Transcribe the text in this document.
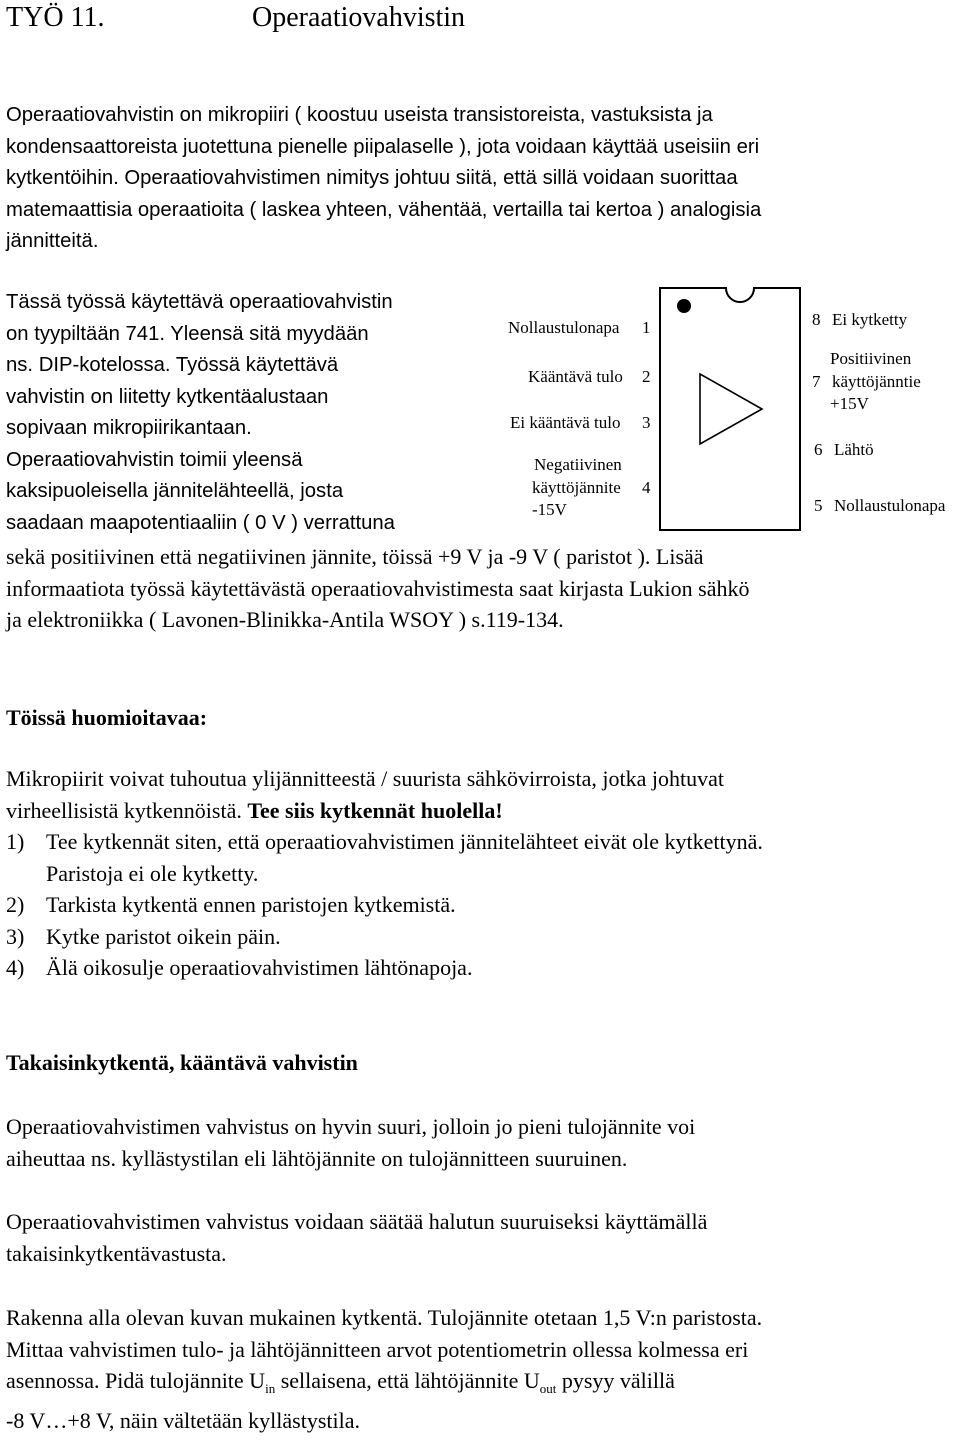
TYÖ 11.	Operaatiovahvistin
Operaatiovahvistin on mikropiiri ( koostuu useista transistoreista, vastuksista ja
kondensaattoreista juotettuna pienelle piipalaselle ), jota voidaan käyttää useisiin eri
kytkentöihin. Operaatiovahvistimen nimitys johtuu siitä, että sillä voidaan suorittaa
matemaattisia operaatioita ( laskea yhteen, vähentää, vertailla tai kertoa ) analogisia
jännitteitä.
Tässä työssä käytettävä operaatiovahvistin
on tyypiltään 741. Yleensä sitä myydään
ns. DIP-kotelossa. Työssä käytettävä
vahvistin on liitetty kytkentäalustaan
sopivaan mikropiirikantaan.
Operaatiovahvistin toimii yleensä
kaksipuoleisella jännitelähteellä, josta
saadaan maapotentiaaliin ( 0 V ) verrattuna
sekä positiivinen että negatiivinen jännite, töissä +9 V ja -9 V ( paristot ). Lisää
informaatiota työssä käytettävästä operaatiovahvistimesta saat kirjasta Lukion sähkö
ja elektroniikka ( Lavonen-Blinikka-Antila WSOY ) s.119-134.
Nollaustulonapa 1
Kääntävä tulo 2
Ei kääntävä tulo 3
Negatiivinen
käyttöjännite 4
-15V
8 Ei kytketty
Positiivinen
7 käyttöjänntie
+15V
6 Lähtö
5 Nollaustulonapa
Töissä huomioitavaa:
Mikropiirit voivat tuhoutua ylijännitteestä / suurista sähkövirroista, jotka johtuvat
virheellisistä kytkennöistä. Tee siis kytkennät huolella!
1) Tee kytkennät siten, että operaatiovahvistimen jännitelähteet eivät ole kytkettynä.
Paristoja ei ole kytketty.
2) Tarkista kytkentä ennen paristojen kytkemistä.
3) Kytke paristot oikein päin.
4) Älä oikosulje operaatiovahvistimen lähtönapoja.
Takaisinkytkentä, kääntävä vahvistin
Operaatiovahvistimen vahvistus on hyvin suuri, jolloin jo pieni tulojännite voi
aiheuttaa ns. kyllästystilan eli lähtöjännite on tulojännitteen suuruinen.
Operaatiovahvistimen vahvistus voidaan säätää halutun suuruiseksi käyttämällä
takaisinkytkentävastusta.
Rakenna alla olevan kuvan mukainen kytkentä. Tulojännite otetaan 1,5 V:n paristosta.
Mittaa vahvistimen tulo- ja lähtöjännitteen arvot potentiometrin ollessa kolmessa eri
asennossa. Pidä tulojännite $U_{in}$ sellaisena, että lähtöjännite $U_{out}$ pysyy välillä
-8 V…+8 V, näin vältetään kyllästystila.
